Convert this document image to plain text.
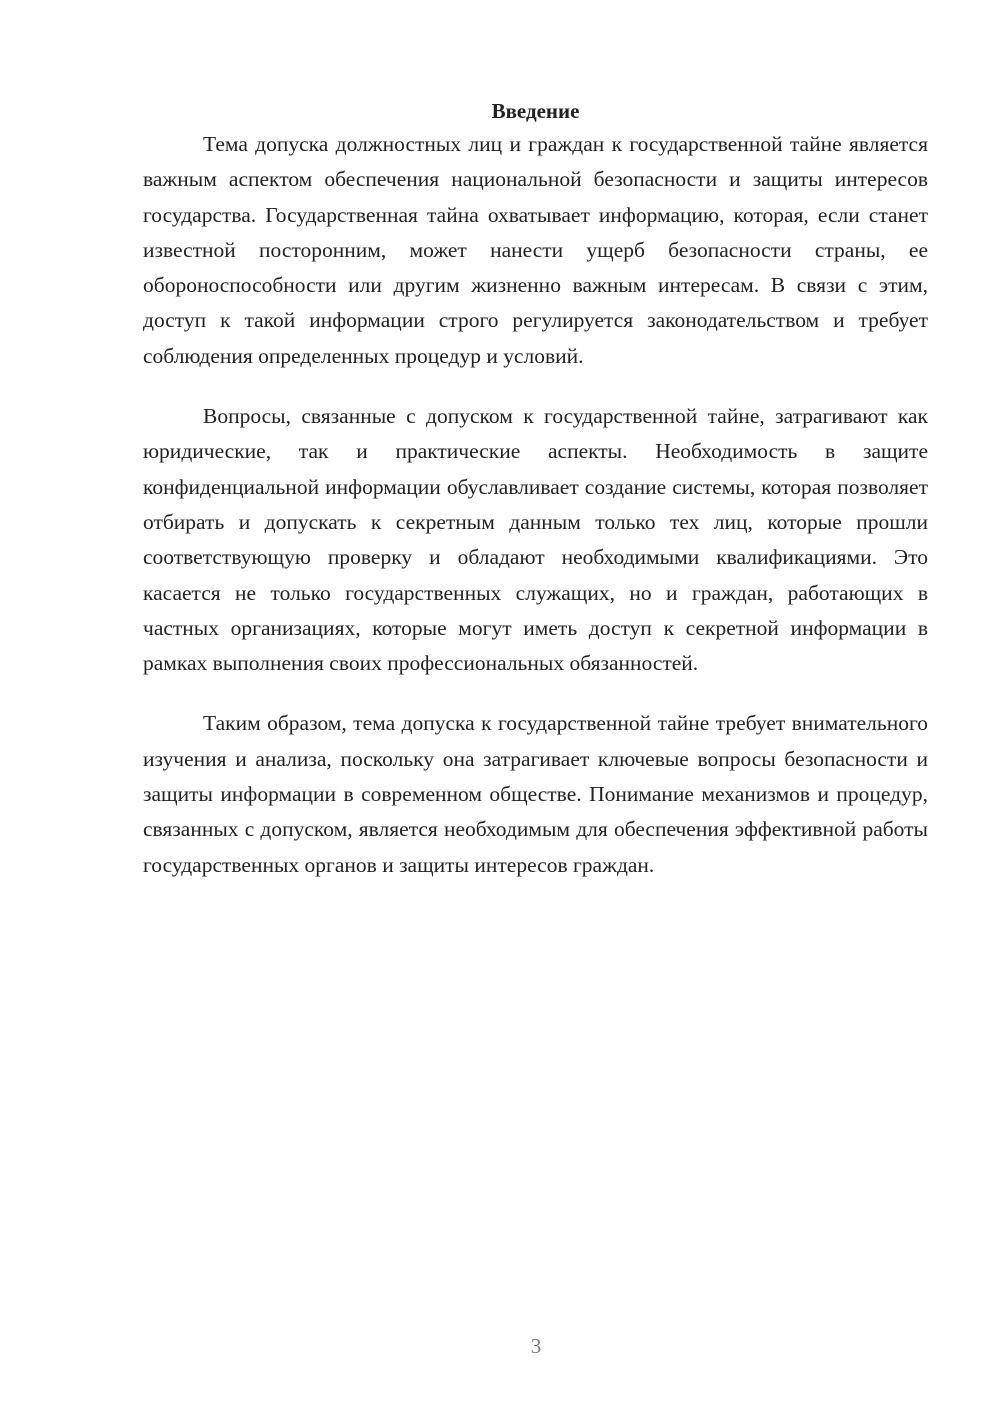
Введение

Тема допуска должностных лиц и граждан к государственной тайне является важным аспектом обеспечения национальной безопасности и защиты интересов государства. Государственная тайна охватывает информацию, которая, если станет известной посторонним, может нанести ущерб безопасности страны, ее обороноспособности или другим жизненно важным интересам. В связи с этим, доступ к такой информации строго регулируется законодательством и требует соблюдения определенных процедур и условий.

Вопросы, связанные с допуском к государственной тайне, затрагивают как юридические, так и практические аспекты. Необходимость в защите конфиденциальной информации обуславливает создание системы, которая позволяет отбирать и допускать к секретным данным только тех лиц, которые прошли соответствующую проверку и обладают необходимыми квалификациями. Это касается не только государственных служащих, но и граждан, работающих в частных организациях, которые могут иметь доступ к секретной информации в рамках выполнения своих профессиональных обязанностей.

Таким образом, тема допуска к государственной тайне требует внимательного изучения и анализа, поскольку она затрагивает ключевые вопросы безопасности и защиты информации в современном обществе. Понимание механизмов и процедур, связанных с допуском, является необходимым для обеспечения эффективной работы государственных органов и защиты интересов граждан.

3
